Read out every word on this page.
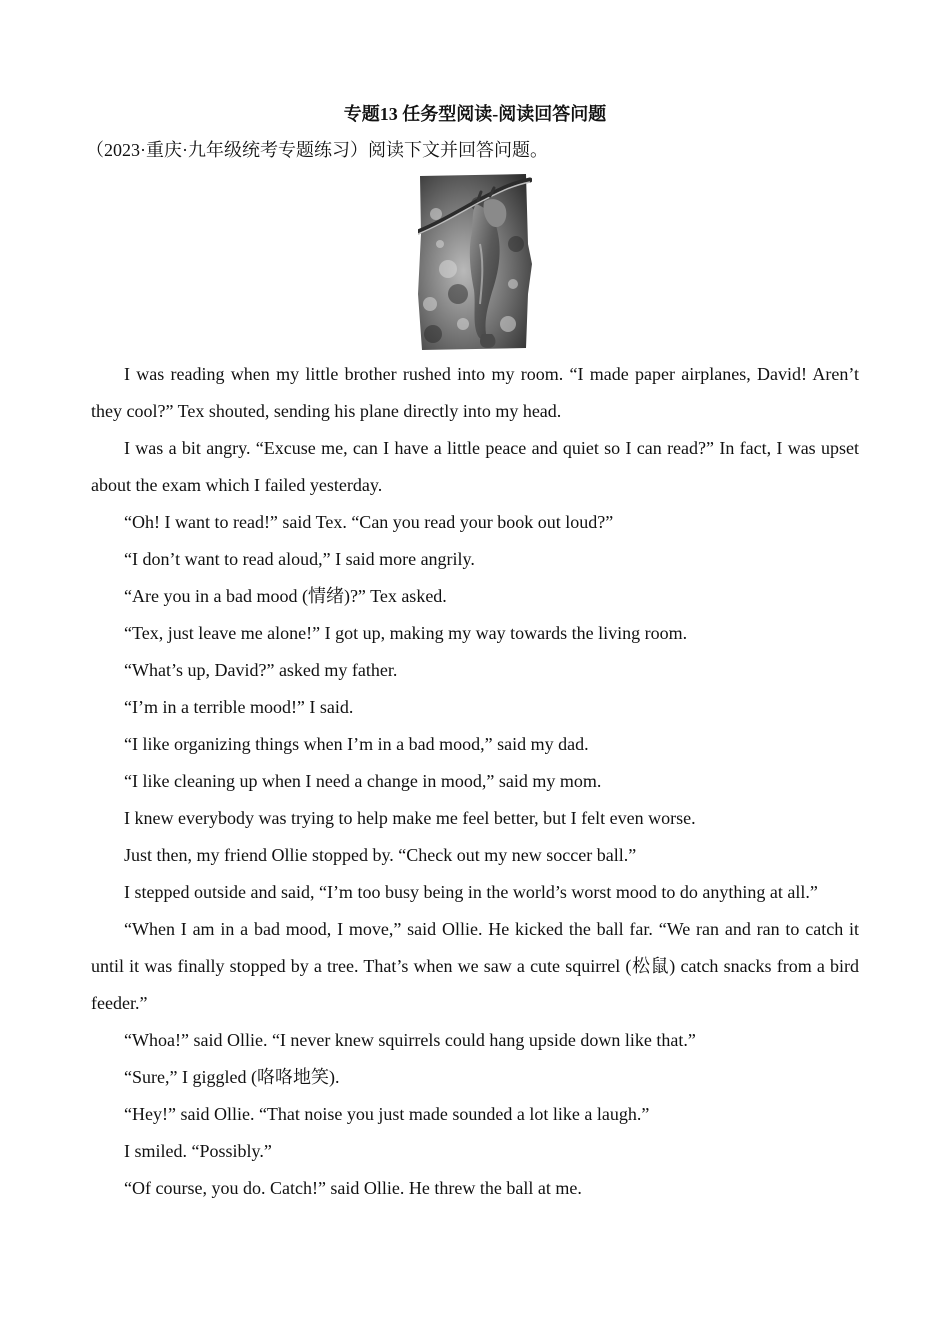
专题13 任务型阅读-阅读回答问题

（2023·重庆·九年级统考专题练习）阅读下文并回答问题。

I was reading when my little brother rushed into my room. “I made paper airplanes, David! Aren’t they cool?” Tex shouted, sending his plane directly into my head.

I was a bit angry. “Excuse me, can I have a little peace and quiet so I can read?” In fact, I was upset about the exam which I failed yesterday.

“Oh! I want to read!” said Tex. “Can you read your book out loud?”

“I don’t want to read aloud,” I said more angrily.

“Are you in a bad mood (情绪)?” Tex asked.

“Tex, just leave me alone!” I got up, making my way towards the living room.

“What’s up, David?” asked my father.

“I’m in a terrible mood!” I said.

“I like organizing things when I’m in a bad mood,” said my dad.

“I like cleaning up when I need a change in mood,” said my mom.

I knew everybody was trying to help make me feel better, but I felt even worse.

Just then, my friend Ollie stopped by. “Check out my new soccer ball.”

I stepped outside and said, “I’m too busy being in the world’s worst mood to do anything at all.”

“When I am in a bad mood, I move,” said Ollie. He kicked the ball far. “We ran and ran to catch it until it was finally stopped by a tree. That’s when we saw a cute squirrel (松鼠) catch snacks from a bird feeder.”

“Whoa!” said Ollie. “I never knew squirrels could hang upside down like that.”

“Sure,” I giggled (咯咯地笑).

“Hey!” said Ollie. “That noise you just made sounded a lot like a laugh.”

I smiled. “Possibly.”

“Of course, you do. Catch!” said Ollie. He threw the ball at me.
